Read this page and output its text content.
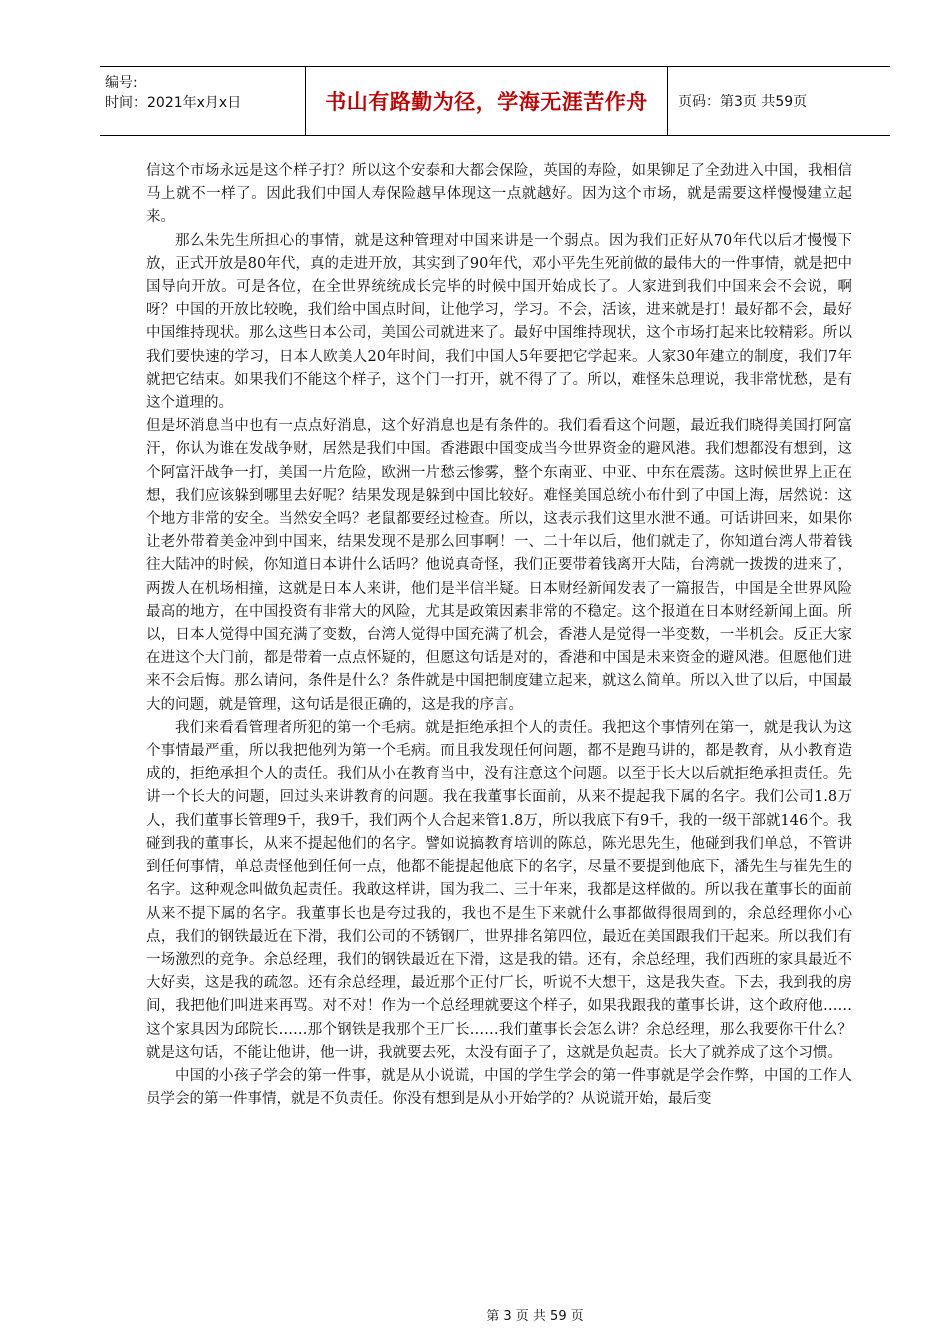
编号:
时间：2021年x月x日	书山有路勤为径，学海无涯苦作舟	页码：第3页 共59页

信这个市场永远是这个样子打？所以这个安泰和大都会保险，英国的寿险，如果铆足了全劲进入中国，我相信马上就不一样了。因此我们中国人寿保险越早体现这一点就越好。因为这个市场，就是需要这样慢慢建立起来。

那么朱先生所担心的事情，就是这种管理对中国来讲是一个弱点。因为我们正好从70年代以后才慢慢下放，正式开放是80年代，真的走进开放，其实到了90年代，邓小平先生死前做的最伟大的一件事情，就是把中国导向开放。可是各位，在全世界统统成长完毕的时候中国开始成长了。人家进到我们中国来会不会说，啊呀？中国的开放比较晚，我们给中国点时间，让他学习，学习。不会，活该，进来就是打！最好都不会，最好中国维持现状。那么这些日本公司，美国公司就进来了。最好中国维持现状，这个市场打起来比较精彩。所以我们要快速的学习，日本人欧美人20年时间，我们中国人5年要把它学起来。人家30年建立的制度，我们7年就把它结束。如果我们不能这个样子，这个门一打开，就不得了了。所以，难怪朱总理说，我非常忧愁，是有这个道理的。

但是坏消息当中也有一点点好消息，这个好消息也是有条件的。我们看看这个问题，最近我们晓得美国打阿富汗，你认为谁在发战争财，居然是我们中国。香港跟中国变成当今世界资金的避风港。我们想都没有想到，这个阿富汗战争一打，美国一片危险，欧洲一片愁云惨雾，整个东南亚、中亚、中东在震荡。这时候世界上正在想，我们应该躲到哪里去好呢？结果发现是躲到中国比较好。难怪美国总统小布什到了中国上海，居然说：这个地方非常的安全。当然安全吗？老鼠都要经过检查。所以，这表示我们这里水泄不通。可话讲回来，如果你让老外带着美金冲到中国来，结果发现不是那么回事啊！一、二十年以后，他们就走了，你知道台湾人带着钱往大陆冲的时候，你知道日本讲什么话吗？他说真奇怪，我们正要带着钱离开大陆，台湾就一拨拨的进来了，两拨人在机场相撞，这就是日本人来讲，他们是半信半疑。日本财经新闻发表了一篇报告，中国是全世界风险最高的地方，在中国投资有非常大的风险，尤其是政策因素非常的不稳定。这个报道在日本财经新闻上面。所以，日本人觉得中国充满了变数，台湾人觉得中国充满了机会，香港人是觉得一半变数，一半机会。反正大家在进这个大门前，都是带着一点点怀疑的，但愿这句话是对的，香港和中国是未来资金的避风港。但愿他们进来不会后悔。那么请问，条件是什么？条件就是中国把制度建立起来，就这么简单。所以入世了以后，中国最大的问题，就是管理，这句话是很正确的，这是我的序言。

我们来看看管理者所犯的第一个毛病。就是拒绝承担个人的责任。我把这个事情列在第一，就是我认为这个事情最严重，所以我把他列为第一个毛病。而且我发现任何问题，都不是跑马讲的，都是教育，从小教育造成的，拒绝承担个人的责任。我们从小在教育当中，没有注意这个问题。以至于长大以后就拒绝承担责任。先讲一个长大的问题，回过头来讲教育的问题。我在我董事长面前，从来不提起我下属的名字。我们公司1.8万人，我们董事长管理9千，我9千，我们两个人合起来管1.8万，所以我底下有9千，我的一级干部就146个。我碰到我的董事长，从来不提起他们的名字。譬如说搞教育培训的陈总，陈光思先生，他碰到我们单总，不管讲到任何事情，单总责怪他到任何一点，他都不能提起他底下的名字，尽量不要提到他底下，潘先生与崔先生的名字。这种观念叫做负起责任。我敢这样讲，国为我二、三十年来，我都是这样做的。所以我在董事长的面前从来不提下属的名字。我董事长也是夸过我的，我也不是生下来就什么事都做得很周到的，余总经理你小心点，我们的钢铁最近在下滑，我们公司的不锈钢厂，世界排名第四位，最近在美国跟我们干起来。所以我们有一场激烈的竞争。余总经理，我们的钢铁最近在下滑，这是我的错。还有，余总经理，我们西班的家具最近不大好卖，这是我的疏忽。还有余总经理，最近那个正付厂长，听说不大想干，这是我失查。下去，我到我的房间，我把他们叫进来再骂。对不对！作为一个总经理就要这个样子，如果我跟我的董事长讲，这个政府他……这个家具因为邱院长……那个钢铁是我那个王厂长……我们董事长会怎么讲？余总经理，那么我要你干什么？就是这句话，不能让他讲，他一讲，我就要去死，太没有面子了，这就是负起责。长大了就养成了这个习惯。

中国的小孩子学会的第一件事，就是从小说谎，中国的学生学会的第一件事就是学会作弊，中国的工作人员学会的第一件事情，就是不负责任。你没有想到是从小开始学的？从说谎开始，最后变

第 3 页 共 59 页
